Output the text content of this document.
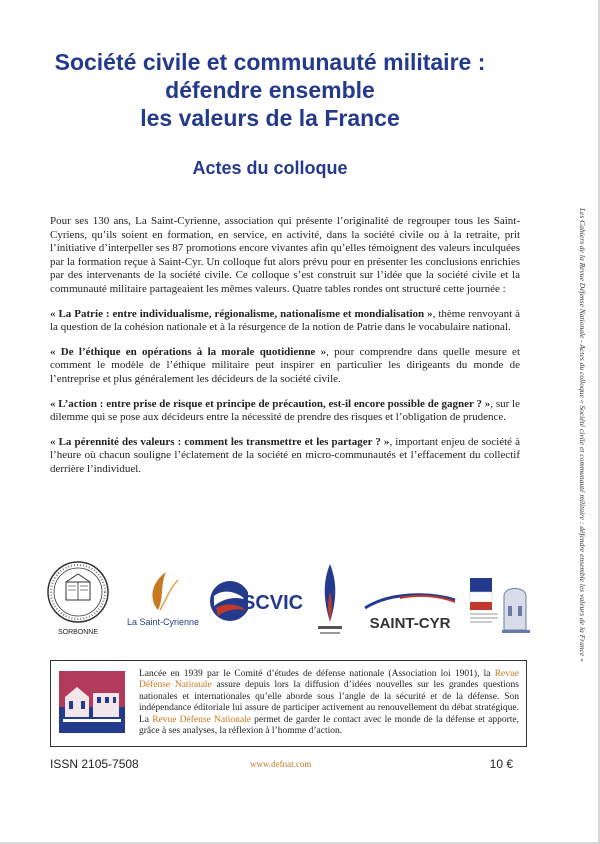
Société civile et communauté militaire :
défendre ensemble
les valeurs de la France
Actes du colloque

Pour ses 130 ans, La Saint-Cyrienne, association qui présente l’originalité de regrouper tous les Saint-Cyriens, qu’ils soient en formation, en service, en activité, dans la société civile ou à la retraite, prit l’initiative d’interpeller ses 87 promotions encore vivantes afin qu’elles témoignent des valeurs inculquées par la formation reçue à Saint-Cyr. Un colloque fut alors prévu pour en présenter les conclusions enrichies par des intervenants de la société civile. Ce colloque s’est construit sur l’idée que la société civile et la communauté militaire partageaient les mêmes valeurs. Quatre tables rondes ont structuré cette journée :

« La Patrie : entre individualisme, régionalisme, nationalisme et mondialisation », thème renvoyant à la question de la cohésion nationale et à la résurgence de la notion de Patrie dans le vocabulaire national.

« De l’éthique en opérations à la morale quotidienne », pour comprendre dans quelle mesure et comment le modèle de l’éthique militaire peut inspirer en particulier les dirigeants du monde de l’entreprise et plus généralement les décideurs de la société civile.

« L’action : entre prise de risque et principe de précaution, est-il encore possible de gagner ? », sur le dilemme qui se pose aux décideurs entre la nécessité de prendre des risques et l’obligation de prudence.

« La pérennité des valeurs : comment les transmettre et les partager ? », important enjeu de société à l’heure où chacun souligne l’éclatement de la société en micro-communautés et l’effacement du collectif derrière l’individuel.	Les Cahiers de la Revue Défense Nationale - Actes du colloque « Société civile et communauté militaire : défendre ensemble les valeurs de la France »
SORBONNE
La Saint-Cyrienne
SCVIC
SAINT-CYR

Lancée en 1939 par le Comité d’études de défense nationale (Association loi 1901), la Revue Défense Nationale assure depuis lors la diffusion d’idées nouvelles sur les grandes questions nationales et internationales qu’elle aborde sous l’angle de la sécurité et de la défense. Son indépendance éditoriale lui assure de participer activement au renouvellement du débat stratégique. La Revue Défense Nationale permet de garder le contact avec le monde de la défense et apporte, grâce à ses analyses, la réflexion à l’homme d’action.

ISSN 2105-7508	www.defnat.com	10 €
